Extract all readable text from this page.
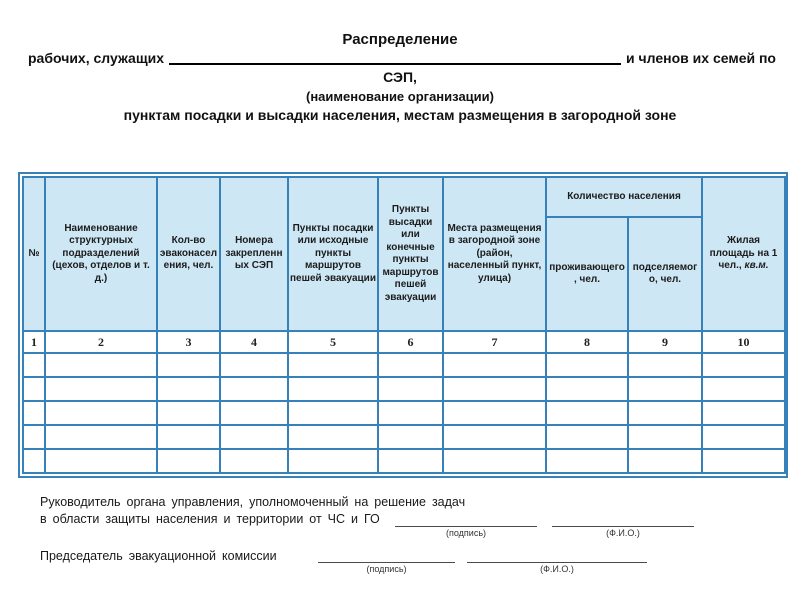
Распределение
рабочих, служащих	и членов их семей по
СЭП,
(наименование организации)
пунктам посадки и высадки населения, местам размещения в загородной зоне
№	Наименование структурных подразделений (цехов, отделов и т. д.)	Кол-во эваконаселения, чел.	Номера закрепленных СЭП	Пункты посадки или исходные пункты маршрутов пешей эвакуации	Пункты высадки или конечные пункты маршрутов пешей эвакуации	Места размещения в загородной зоне (район, населенный пункт, улица)	Количество населения		Жилая площадь на 1 чел., кв.м.
							проживающего, чел.	подселяемого, чел.	
1	2	3	4	5	6	7	8	9	10

Руководитель органа управления, уполномоченный на решение задач
в области защиты населения и территории от ЧС и ГО
(подпись)	(Ф.И.О.)
Председатель эвакуационной комиссии
(подпись)	(Ф.И.О.)
